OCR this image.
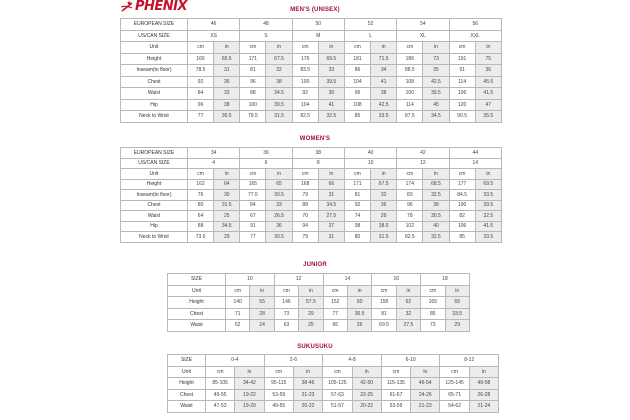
PHENIX	MEN'S (UNISEX)
EUROPEAN SIZE	46		48		50		52		54		56	
US/CAN SIZE	XS		S		M		L		XL		XXL	
Unit	cm	in	cm	in	cm	in	cm	in	cm	in	cm	in
Height	166	65.5	171	67.5	176	69.5	181	71.5	186	73	191	75
Inseam(to floor)	78.5	31	81	32	83.5	33	86	34	88.5	35	91	36
Chest	92	36	96	38	100	39.5	104	41	108	42.5	114	45.5
Waist	84	33	88	34.5	92	36	96	38	100	39.5	106	41.5
Hip	96	38	100	39.5	104	41	108	42.5	114	45	120	47
Neck to Wrist	77	30.5	79.5	31.5	82.5	32.5	85	33.5	87.5	34.5	90.5	35.5
WOMEN'S
EUROPEAN SIZE	34		36		38		40		42		44	
US/CAN SIZE	4		6		8		10		12		14	
Unit	cm	in	cm	in	cm	in	cm	in	cm	in	cm	in
Height	162	64	165	65	168	66	171	67.5	174	68.5	177	69.5
Inseam(to floor)	76	30	77.5	30.5	79	31	81	32	83	32.5	84.5	33.5
Chest	80	31.5	84	33	88	34.5	92	36	96	38	100	39.5
Waist	64	25	67	26.5	70	27.5	74	29	78	30.5	82	32.5
Hip	88	34.5	91	36	94	37	98	38.5	102	40	106	41.5
Neck to Wrist	73.5	29	77	30.5	79	31	80	31.5	82.5	32.5	85	33.5
JUNIOR
SIZE	10		12		14		16		18	
Unit	cm	in	cm	in	cm	in	cm	in	cm	in
Height	140	55	146	57.5	152	60	158	62	165	65
Chest	71	28	73	29	77	30.5	81	32	85	33.5
Waist	62	24	63	25	66	26	69.5	27.5	73	29
SUKUSUKU
SIZE	0-4		2-6		4-8		6-10		8-12	
Unit	cm	in	cm	in	cm	in	cm	in	cm	in
Height	85-105	34-42	95-115	38-46	105-125	42-50	115-135	46-54	125-145	49-58
Chest	49-55	19-22	53-59	21-23	57-63	22-25	61-67	24-26	65-71	26-28
Waist	47-53	19-20	49-55	20-22	51-57	20-22	53-59	21-23	54-62	21-24
